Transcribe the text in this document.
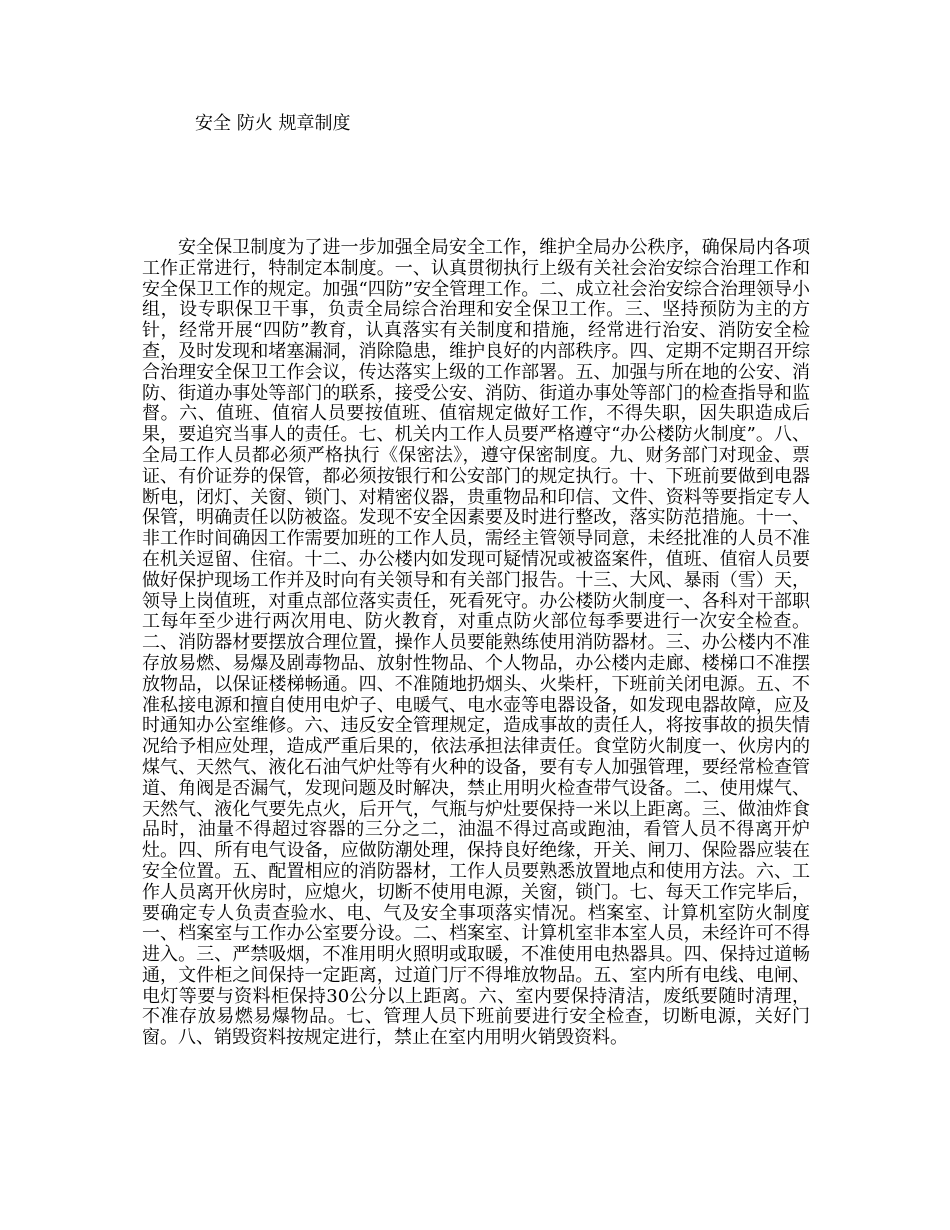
安全 防火 规章制度

安全保卫制度为了进一步加强全局安全工作，维护全局办公秩序，确保局内各项工作正常进行，特制定本制度。一、认真贯彻执行上级有关社会治安综合治理工作和安全保卫工作的规定。加强“四防”安全管理工作。二、成立社会治安综合治理领导小组，设专职保卫干事，负责全局综合治理和安全保卫工作。三、坚持预防为主的方针，经常开展“四防”教育，认真落实有关制度和措施，经常进行治安、消防安全检查，及时发现和堵塞漏洞，消除隐患，维护良好的内部秩序。四、定期不定期召开综合治理安全保卫工作会议，传达落实上级的工作部署。五、加强与所在地的公安、消防、街道办事处等部门的联系，接受公安、消防、街道办事处等部门的检查指导和监督。六、值班、值宿人员要按值班、值宿规定做好工作，不得失职，因失职造成后果，要追究当事人的责任。七、机关内工作人员要严格遵守“办公楼防火制度”。八、全局工作人员都必须严格执行《保密法》，遵守保密制度。九、财务部门对现金、票证、有价证券的保管，都必须按银行和公安部门的规定执行。十、下班前要做到电器断电，闭灯、关窗、锁门、对精密仪器，贵重物品和印信、文件、资料等要指定专人保管，明确责任以防被盗。发现不安全因素要及时进行整改，落实防范措施。十一、非工作时间确因工作需要加班的工作人员，需经主管领导同意，未经批准的人员不准在机关逗留、住宿。十二、办公楼内如发现可疑情况或被盗案件，值班、值宿人员要做好保护现场工作并及时向有关领导和有关部门报告。十三、大风、暴雨（雪）天，领导上岗值班，对重点部位落实责任，死看死守。办公楼防火制度一、各科对干部职工每年至少进行两次用电、防火教育，对重点防火部位每季要进行一次安全检查。二、消防器材要摆放合理位置，操作人员要能熟练使用消防器材。三、办公楼内不准存放易燃、易爆及剧毒物品、放射性物品、个人物品，办公楼内走廊、楼梯口不准摆放物品，以保证楼梯畅通。四、不准随地扔烟头、火柴杆，下班前关闭电源。五、不准私接电源和擅自使用电炉子、电暖气、电水壶等电器设备，如发现电器故障，应及时通知办公室维修。六、违反安全管理规定，造成事故的责任人，将按事故的损失情况给予相应处理，造成严重后果的，依法承担法律责任。食堂防火制度一、伙房内的煤气、天然气、液化石油气炉灶等有火种的设备，要有专人加强管理，要经常检查管道、角阀是否漏气，发现问题及时解决，禁止用明火检查带气设备。二、使用煤气、天然气、液化气要先点火，后开气，气瓶与炉灶要保持一米以上距离。三、做油炸食品时，油量不得超过容器的三分之二，油温不得过高或跑油，看管人员不得离开炉灶。四、所有电气设备，应做防潮处理，保持良好绝缘，开关、闸刀、保险器应装在安全位置。五、配置相应的消防器材，工作人员要熟悉放置地点和使用方法。六、工作人员离开伙房时，应熄火，切断不使用电源，关窗，锁门。七、每天工作完毕后，要确定专人负责查验水、电、气及安全事项落实情况。档案室、计算机室防火制度一、档案室与工作办公室要分设。二、档案室、计算机室非本室人员，未经许可不得进入。三、严禁吸烟，不准用明火照明或取暖，不准使用电热器具。四、保持过道畅通，文件柜之间保持一定距离，过道门厅不得堆放物品。五、室内所有电线、电闸、电灯等要与资料柜保持30公分以上距离。六、室内要保持清洁，废纸要随时清理，不准存放易燃易爆物品。七、管理人员下班前要进行安全检查，切断电源，关好门窗。八、销毁资料按规定进行，禁止在室内用明火销毁资料。
